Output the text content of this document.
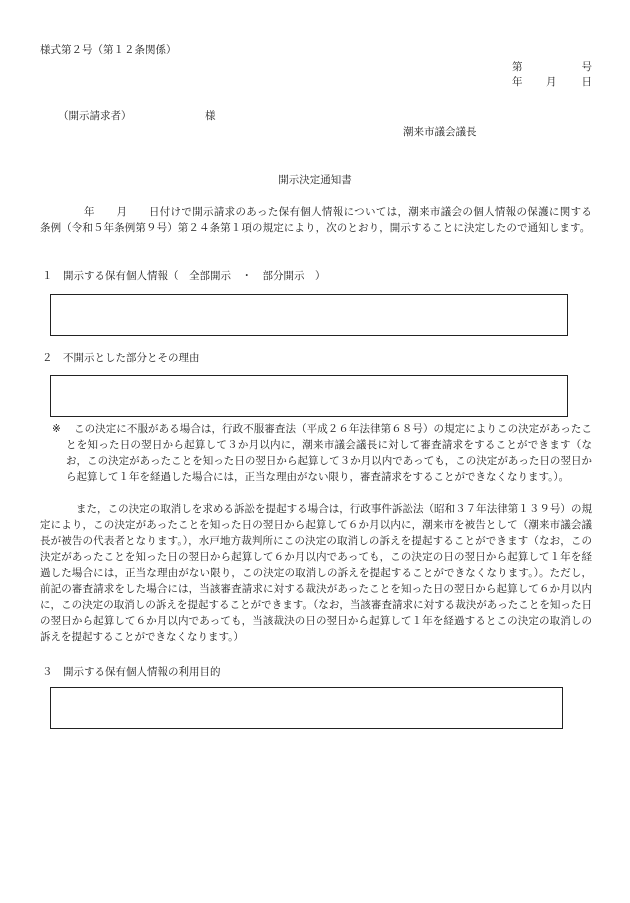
様式第２号（第１２条関係）
第	号
年 月 日
（開示請求者）	様
潮来市議会議長
開示決定通知書
年　　月　　日付けで開示請求のあった保有個人情報については，潮来市議会の個人情報の保護に関する条例（令和５年条例第９号）第２４条第１項の規定により，次のとおり，開示することに決定したので通知します。
１　開示する保有個人情報（　全部開示　・　部分開示　）
２　不開示とした部分とその理由
※	この決定に不服がある場合は，行政不服審査法（平成２６年法律第６８号）の規定によりこの決定があったことを知った日の翌日から起算して３か月以内に，潮来市議会議長に対して審査請求をすることができます（なお，この決定があったことを知った日の翌日から起算して３か月以内であっても，この決定があった日の翌日から起算して１年を経過した場合には，正当な理由がない限り，審査請求をすることができなくなります。）。
また，この決定の取消しを求める訴訟を提起する場合は，行政事件訴訟法（昭和３７年法律第１３９号）の規定により，この決定があったことを知った日の翌日から起算して６か月以内に，潮来市を被告として（潮来市議会議長が被告の代表者となります。），水戸地方裁判所にこの決定の取消しの訴えを提起することができます（なお，この決定があったことを知った日の翌日から起算して６か月以内であっても，この決定の日の翌日から起算して１年を経過した場合には，正当な理由がない限り，この決定の取消しの訴えを提起することができなくなります。）。ただし，前記の審査請求をした場合には，当該審査請求に対する裁決があったことを知った日の翌日から起算して６か月以内に，この決定の取消しの訴えを提起することができます。（なお，当該審査請求に対する裁決があったことを知った日の翌日から起算して６か月以内であっても，当該裁決の日の翌日から起算して１年を経過するとこの決定の取消しの訴えを提起することができなくなります。）
３　開示する保有個人情報の利用目的
